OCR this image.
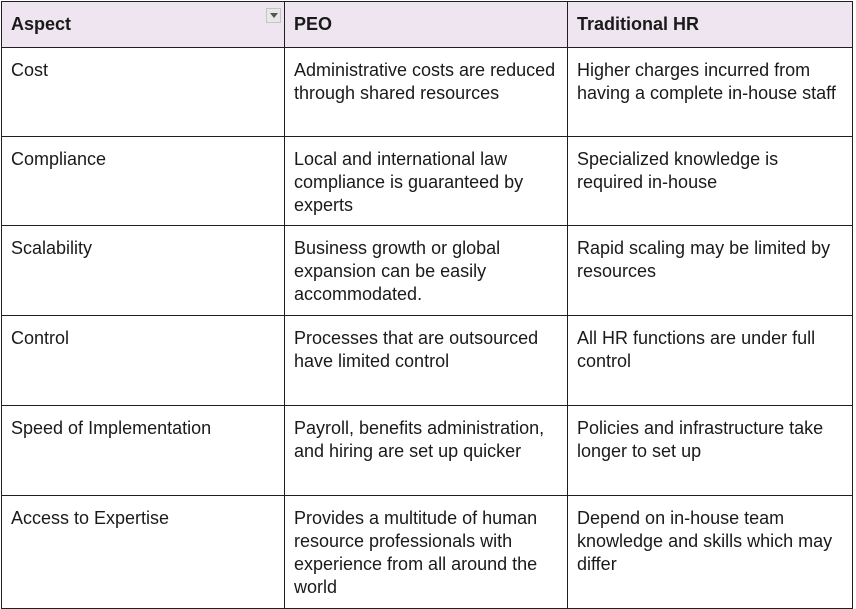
Aspect	PEO	Traditional HR
Cost	Administrative costs are reduced through shared resources	Higher charges incurred from having a complete in-house staff
Compliance	Local and international law compliance is guaranteed by experts	Specialized knowledge is required in-house
Scalability	Business growth or global expansion can be easily accommodated.	Rapid scaling may be limited by resources
Control	Processes that are outsourced have limited control	All HR functions are under full control
Speed of Implementation	Payroll, benefits administration, and hiring are set up quicker	Policies and infrastructure take longer to set up
Access to Expertise	Provides a multitude of human resource professionals with experience from all around the world	Depend on in-house team knowledge and skills which may differ
